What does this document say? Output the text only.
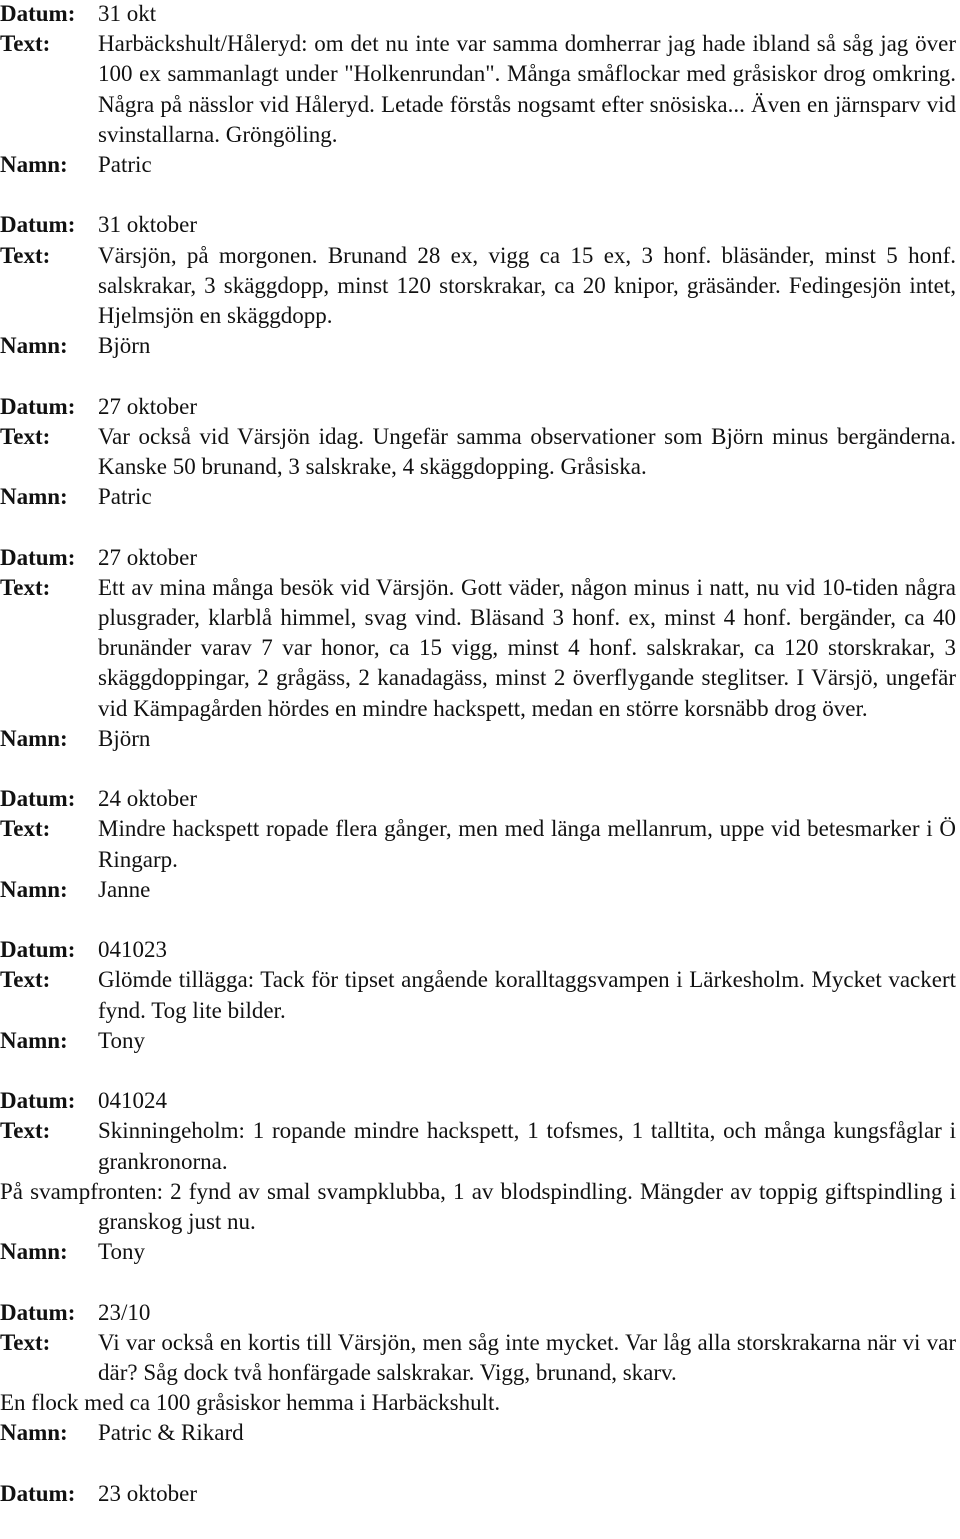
Datum: 31 okt
Text:	Harbäckshult/Håleryd: om det nu inte var samma domherrar jag hade ibland så såg jag över 100 ex sammanlagt under "Holkenrundan". Många småflockar med gråsiskor drog omkring. Några på nässlor vid Håleryd. Letade förstås nogsamt efter snösiska... Även en järnsparv vid svinstallarna. Gröngöling.
Namn:	Patric
Datum: 31 oktober
Text:	Värsjön, på morgonen. Brunand 28 ex, vigg ca 15 ex, 3 honf. bläsänder, minst 5 honf. salskrakar, 3 skäggdopp, minst 120 storskrakar, ca 20 knipor, gräsänder. Fedingesjön intet, Hjelmsjön en skäggdopp.
Namn:	Björn
Datum: 27 oktober
Text:	Var också vid Värsjön idag. Ungefär samma observationer som Björn minus bergänderna. Kanske 50 brunand, 3 salskrake, 4 skäggdopping. Gråsiska.
Namn:	Patric
Datum: 27 oktober
Text:	Ett av mina många besök vid Värsjön. Gott väder, någon minus i natt, nu vid 10-tiden några plusgrader, klarblå himmel, svag vind. Bläsand 3 honf. ex, minst 4 honf. bergänder, ca 40 brunänder varav 7 var honor, ca 15 vigg, minst 4 honf. salskrakar, ca 120 storskrakar, 3 skäggdoppingar, 2 grågäss, 2 kanadagäss, minst 2 överflygande steglitser. I Värsjö, ungefär vid Kämpagården hördes en mindre hackspett, medan en större korsnäbb drog över.
Namn:	Björn
Datum: 24 oktober
Text:	Mindre hackspett ropade flera gånger, men med länga mellanrum, uppe vid betesmarker i Ö Ringarp.
Namn:	Janne
Datum: 041023
Text:	Glömde tillägga: Tack för tipset angående koralltaggsvampen i Lärkesholm. Mycket vackert fynd. Tog lite bilder.
Namn:	Tony
Datum: 041024
Text:	Skinningeholm: 1 ropande mindre hackspett, 1 tofsmes, 1 talltita, och många kungsfåglar i grankronorna.
På svampfronten: 2 fynd av smal svampklubba, 1 av blodspindling. Mängder av toppig giftspindling i granskog just nu.
Namn:	Tony
Datum: 23/10
Text:	Vi var också en kortis till Värsjön, men såg inte mycket. Var låg alla storskrakarna när vi var där? Såg dock två honfärgade salskrakar. Vigg, brunand, skarv.
En flock med ca 100 gråsiskor hemma i Harbäckshult.
Namn:	Patric & Rikard
Datum: 23 oktober
